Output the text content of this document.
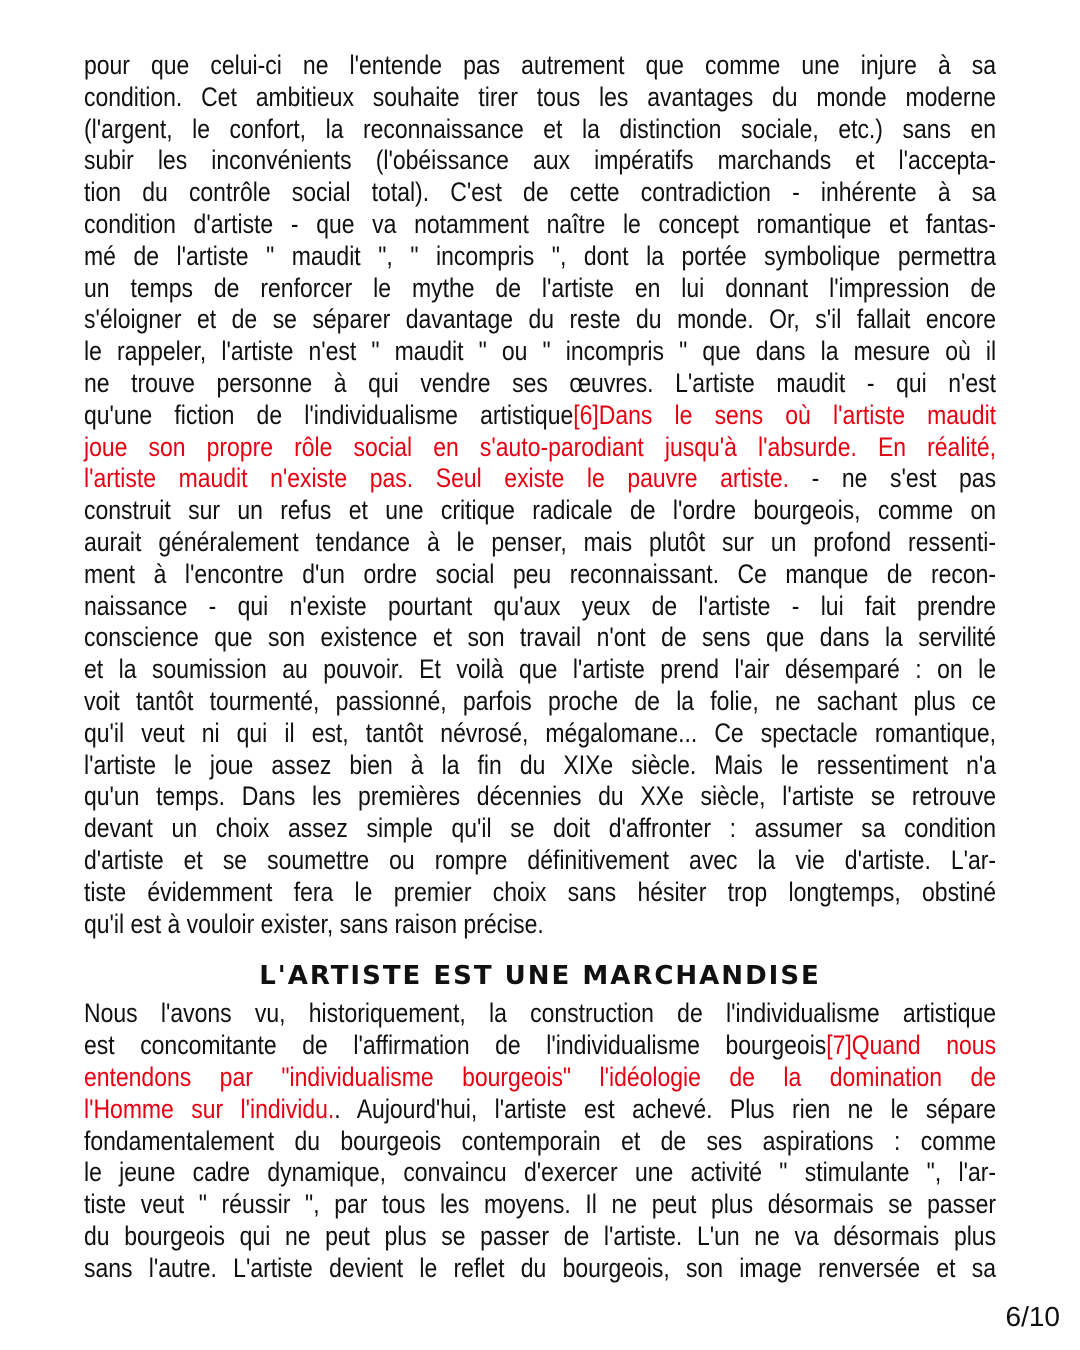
pour que celui-ci ne l'entende pas autrement que comme une injure à sa
condition. Cet ambitieux souhaite tirer tous les avantages du monde moderne
(l'argent, le confort, la reconnaissance et la distinction sociale, etc.) sans en
subir les inconvénients (l'obéissance aux impératifs marchands et l'accepta-
tion du contrôle social total). C'est de cette contradiction - inhérente à sa
condition d'artiste - que va notamment naître le concept romantique et fantas-
mé de l'artiste " maudit ", " incompris ", dont la portée symbolique permettra
un temps de renforcer le mythe de l'artiste en lui donnant l'impression de
s'éloigner et de se séparer davantage du reste du monde. Or, s'il fallait encore
le rappeler, l'artiste n'est " maudit " ou " incompris " que dans la mesure où il
ne trouve personne à qui vendre ses œuvres. L'artiste maudit - qui n'est
qu'une fiction de l'individualisme artistique[6]Dans le sens où l'artiste maudit
joue son propre rôle social en s'auto-parodiant jusqu'à l'absurde. En réalité,
l'artiste maudit n'existe pas. Seul existe le pauvre artiste. - ne s'est pas
construit sur un refus et une critique radicale de l'ordre bourgeois, comme on
aurait généralement tendance à le penser, mais plutôt sur un profond ressenti-
ment à l'encontre d'un ordre social peu reconnaissant. Ce manque de recon-
naissance - qui n'existe pourtant qu'aux yeux de l'artiste - lui fait prendre
conscience que son existence et son travail n'ont de sens que dans la servilité
et la soumission au pouvoir. Et voilà que l'artiste prend l'air désemparé : on le
voit tantôt tourmenté, passionné, parfois proche de la folie, ne sachant plus ce
qu'il veut ni qui il est, tantôt névrosé, mégalomane... Ce spectacle romantique,
l'artiste le joue assez bien à la fin du XIXe siècle. Mais le ressentiment n'a
qu'un temps. Dans les premières décennies du XXe siècle, l'artiste se retrouve
devant un choix assez simple qu'il se doit d'affronter : assumer sa condition
d'artiste et se soumettre ou rompre définitivement avec la vie d'artiste. L'ar-
tiste évidemment fera le premier choix sans hésiter trop longtemps, obstiné
qu'il est à vouloir exister, sans raison précise.
L'ARTISTE EST UNE MARCHANDISE
Nous l'avons vu, historiquement, la construction de l'individualisme artistique
est concomitante de l'affirmation de l'individualisme bourgeois[7]Quand nous
entendons par "individualisme bourgeois" l'idéologie de la domination de
l'Homme sur l'individu.. Aujourd'hui, l'artiste est achevé. Plus rien ne le sépare
fondamentalement du bourgeois contemporain et de ses aspirations : comme
le jeune cadre dynamique, convaincu d'exercer une activité " stimulante ", l'ar-
tiste veut " réussir ", par tous les moyens. Il ne peut plus désormais se passer
du bourgeois qui ne peut plus se passer de l'artiste. L'un ne va désormais plus
sans l'autre. L'artiste devient le reflet du bourgeois, son image renversée et sa
6/10
